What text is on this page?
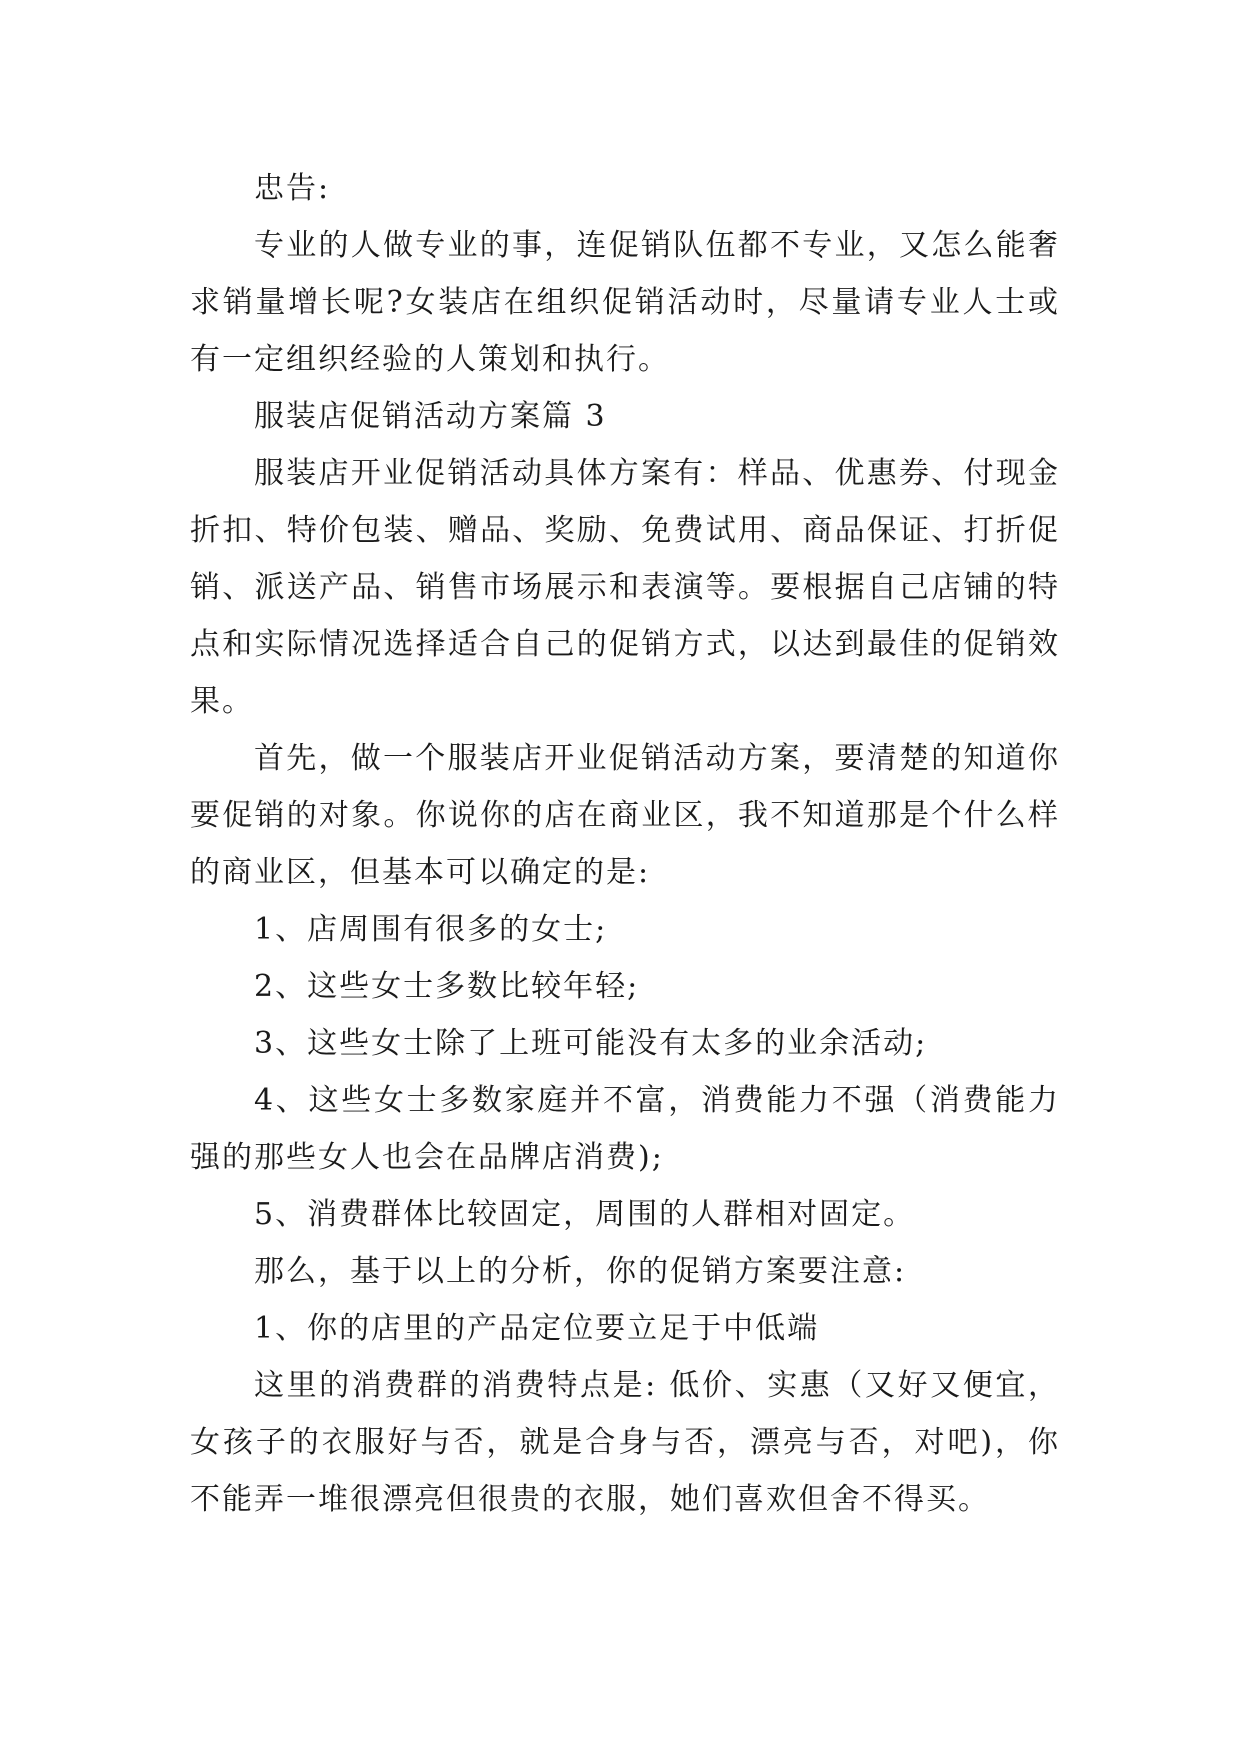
忠告:

专业的人做专业的事，连促销队伍都不专业，又怎么能奢求销量增长呢?女装店在组织促销活动时，尽量请专业人士或有一定组织经验的人策划和执行。

服装店促销活动方案篇 3

服装店开业促销活动具体方案有：样品、优惠券、付现金折扣、特价包装、赠品、奖励、免费试用、商品保证、打折促销、派送产品、销售市场展示和表演等。要根据自己店铺的特点和实际情况选择适合自己的促销方式，以达到最佳的促销效果。

首先，做一个服装店开业促销活动方案，要清楚的知道你要促销的对象。你说你的店在商业区，我不知道那是个什么样的商业区，但基本可以确定的是:

1、店周围有很多的女士;

2、这些女士多数比较年轻;

3、这些女士除了上班可能没有太多的业余活动;

4、这些女士多数家庭并不富，消费能力不强（消费能力强的那些女人也会在品牌店消费);

5、消费群体比较固定，周围的人群相对固定。

那么，基于以上的分析，你的促销方案要注意:

1、你的店里的产品定位要立足于中低端

这里的消费群的消费特点是: 低价、实惠（又好又便宜，女孩子的衣服好与否，就是合身与否，漂亮与否，对吧)，你不能弄一堆很漂亮但很贵的衣服，她们喜欢但舍不得买。
